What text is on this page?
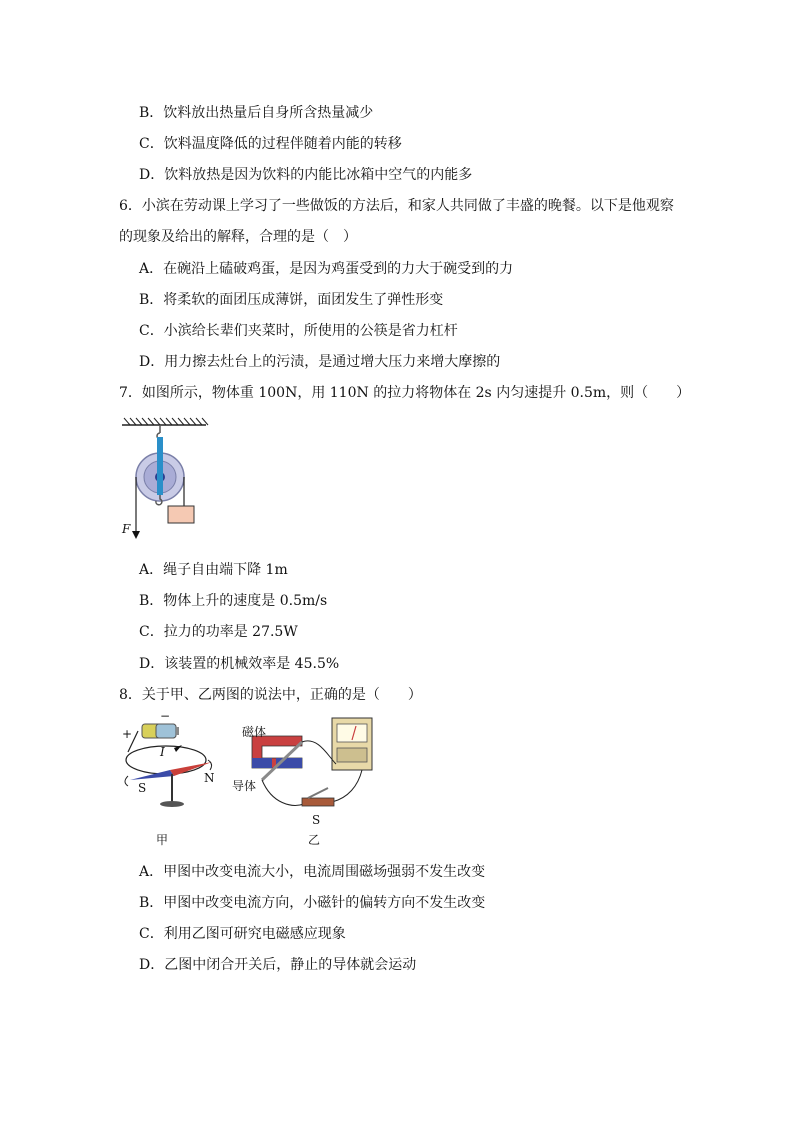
B．饮料放出热量后自身所含热量减少
C．饮料温度降低的过程伴随着内能的转移
D．饮料放热是因为饮料的内能比冰箱中空气的内能多
6．小滨在劳动课上学习了一些做饭的方法后，和家人共同做了丰盛的晚餐。以下是他观察
的现象及给出的解释，合理的是（　）
A．在碗沿上磕破鸡蛋，是因为鸡蛋受到的力大于碗受到的力
B．将柔软的面团压成薄饼，面团发生了弹性形变
C．小滨给长辈们夹菜时，所使用的公筷是省力杠杆
D．用力擦去灶台上的污渍，是通过增大压力来增大摩擦的
7．如图所示，物体重 100N，用 110N 的拉力将物体在 2s 内匀速提升 0.5m，则（　　）
F
A．绳子自由端下降 1m
B．物体上升的速度是 0.5m/s
C．拉力的功率是 27.5W
D．该装置的机械效率是 45.5%
8．关于甲、乙两图的说法中，正确的是（　　）
−
+
I
S
N
甲
磁体
导体
S
乙
A．甲图中改变电流大小，电流周围磁场强弱不发生改变
B．甲图中改变电流方向，小磁针的偏转方向不发生改变
C．利用乙图可研究电磁感应现象
D．乙图中闭合开关后，静止的导体就会运动
